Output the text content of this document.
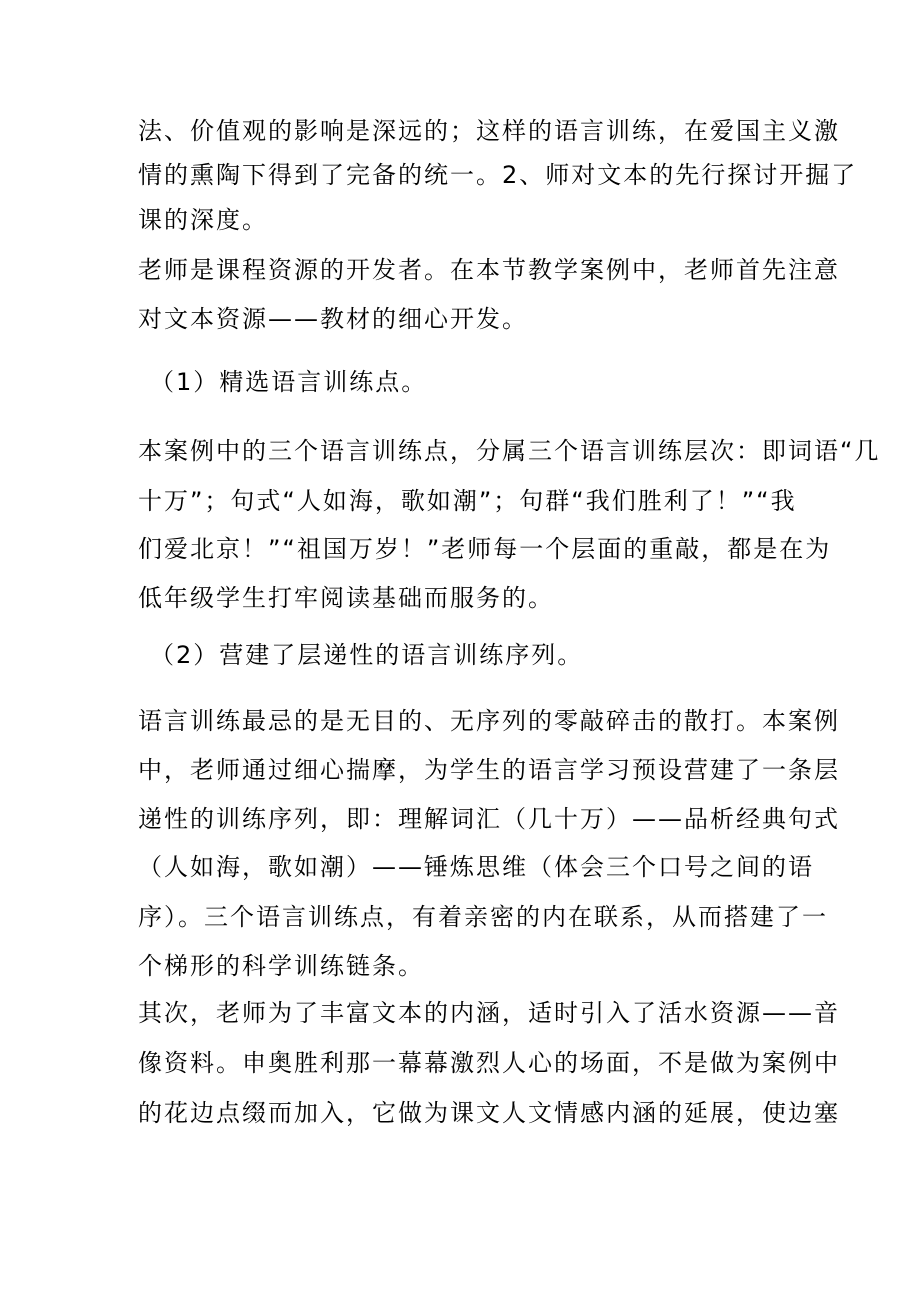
法、价值观的影响是深远的；这样的语言训练，在爱国主义激
情的熏陶下得到了完备的统一。2、师对文本的先行探讨开掘了
课的深度。
老师是课程资源的开发者。在本节教学案例中，老师首先注意
对文本资源——教材的细心开发。
（1）精选语言训练点。
本案例中的三个语言训练点，分属三个语言训练层次：即词语“几
十万”；句式“人如海，歌如潮”；句群“我们胜利了！”“我
们爱北京！”“祖国万岁！”老师每一个层面的重敲，都是在为
低年级学生打牢阅读基础而服务的。
（2）营建了层递性的语言训练序列。
语言训练最忌的是无目的、无序列的零敲碎击的散打。本案例
中，老师通过细心揣摩，为学生的语言学习预设营建了一条层
递性的训练序列，即：理解词汇（几十万）——品析经典句式
（人如海，歌如潮）——锤炼思维（体会三个口号之间的语
序）。三个语言训练点，有着亲密的内在联系，从而搭建了一
个梯形的科学训练链条。
其次，老师为了丰富文本的内涵，适时引入了活水资源——音
像资料。申奥胜利那一幕幕激烈人心的场面，不是做为案例中
的花边点缀而加入，它做为课文人文情感内涵的延展，使边塞
